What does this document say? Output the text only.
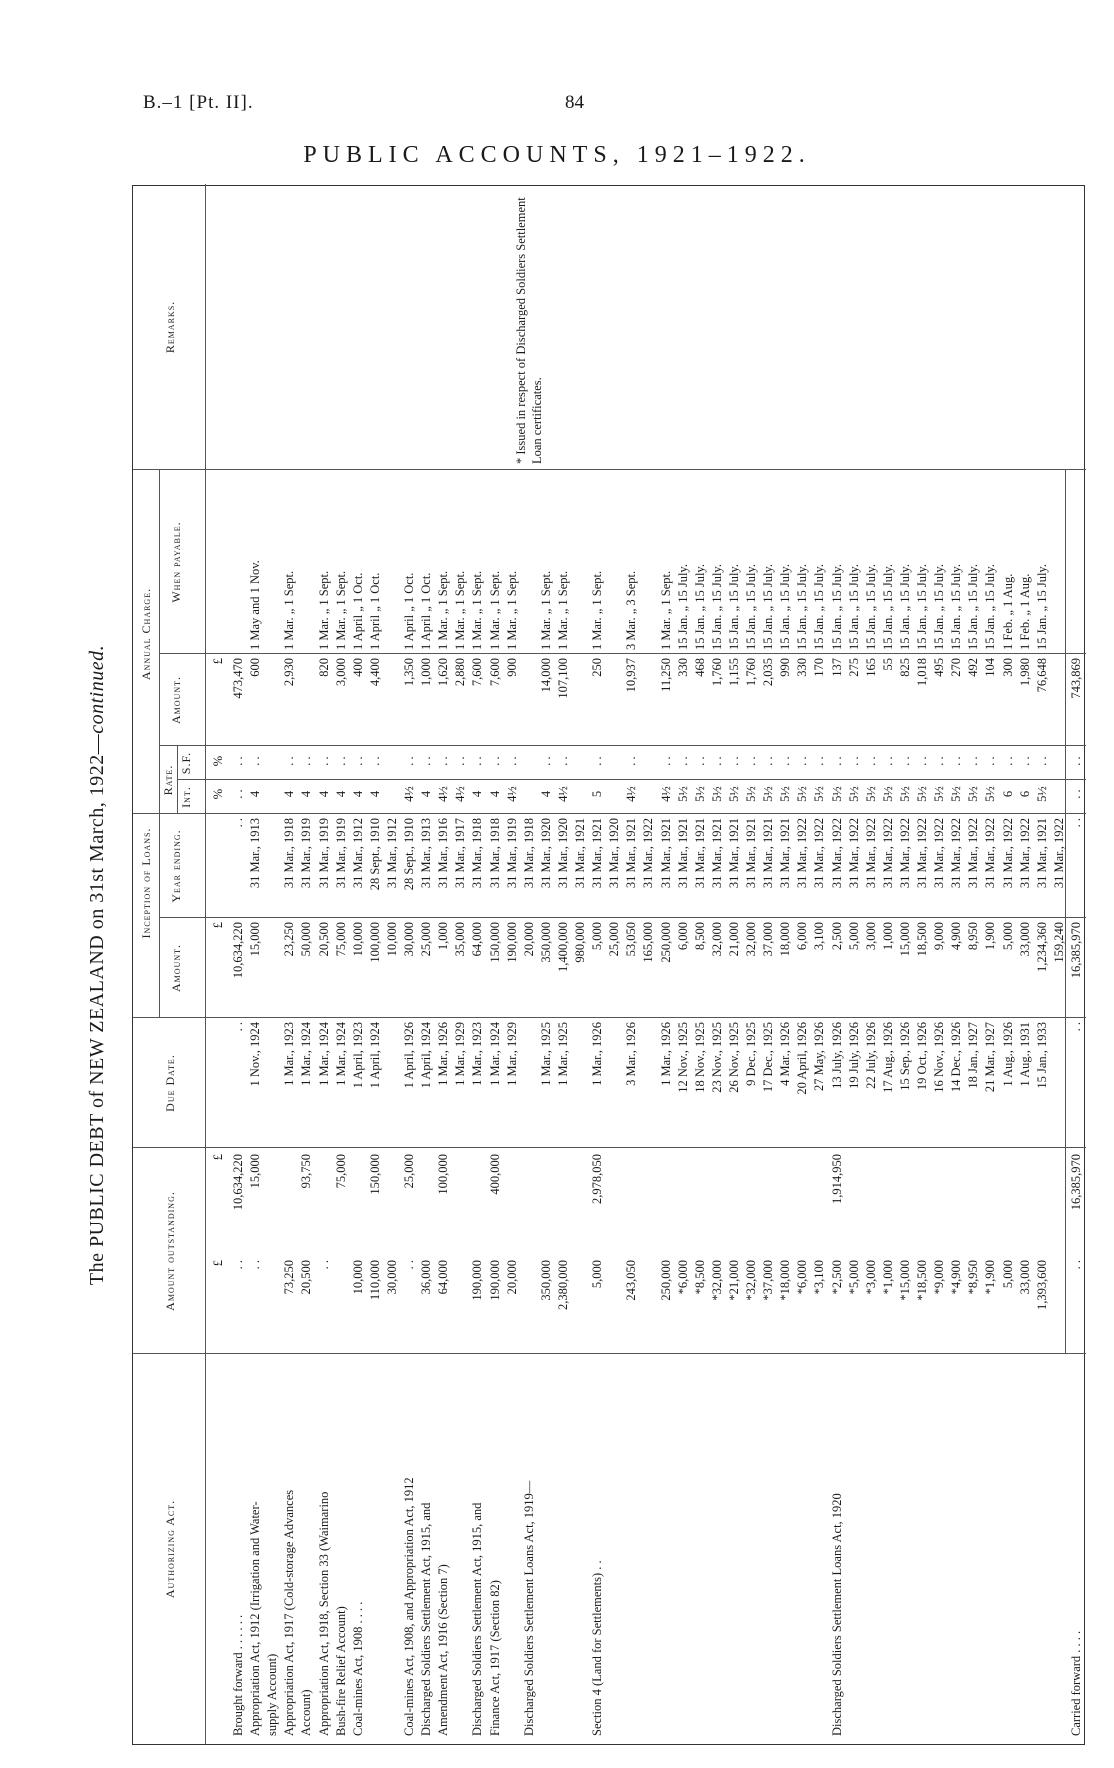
B.–1 [Pt. II].	84
PUBLIC ACCOUNTS, 1921–1922.
The PUBLIC DEBT of NEW ZEALAND on 31st March, 1922—continued.
Authorizing Act.
Amount outstanding.
Due Date.
Inception of Loans.
Amount.
Year ending.
Annual Charge.
Rate.
Int.
S.F.
Amount.
When payable.
Remarks.
£
£
£
%
%
£
Brought forward . . . . . .
. .
10,634,220
. .
10,634,220
. .
. .
. .
473,470
Appropriation Act, 1912 (Irrigation and Water-
. .
15,000
1 Nov., 1924
15,000
31 Mar., 1913
4
. .
600
1 May and 1 Nov.
supply Account) Appropriation Act, 1917 (Cold-storage Advances
73,250
1 Mar., 1923
23,250
31 Mar., 1918
4
. .
2,930
1 Mar. „ 1 Sept.
Account)
20,500
93,750
1 Mar., 1924
50,000
31 Mar., 1919
4
. .
Appropriation Act, 1918, Section 33 (Waimarino
. .
1 Mar., 1924
20,500
31 Mar., 1919
4
. .
820
1 Mar. „ 1 Sept.
Bush-fire Relief Account)
75,000
1 Mar., 1924
75,000
31 Mar., 1919
4
. .
3,000
1 Mar. „ 1 Sept.
Coal-mines Act, 1908 . . . .
10,000
1 April, 1923
10,000
31 Mar., 1912
4
. .
400
1 April „ 1 Oct.
110,000
150,000
1 April, 1924
100,000
28 Sept., 1910
4
. .
4,400
1 April „ 1 Oct.
30,000
10,000
31 Mar., 1912
Coal-mines Act, 1908, and Appropriation Act, 1912
. .
25,000
1 April, 1926
30,000
28 Sept., 1910
4½
. .
1,350
1 April „ 1 Oct.
Discharged Soldiers Settlement Act, 1915, and
36,000
1 April, 1924
25,000
31 Mar., 1913
4
. .
1,000
1 April „ 1 Oct.
Amendment Act, 1916 (Section 7)
64,000
100,000
1 Mar., 1926
1,000
31 Mar., 1916
4½
. .
1,620
1 Mar. „ 1 Sept.
1 Mar., 1929
35,000
31 Mar., 1917
4½
. .
2,880
1 Mar. „ 1 Sept.
Discharged Soldiers Settlement Act, 1915, and
190,000
1 Mar., 1923
64,000
31 Mar., 1918
4
. .
7,600
1 Mar. „ 1 Sept.
Finance Act, 1917 (Section 82)
190,000
400,000
1 Mar., 1924
150,000
31 Mar., 1918
4
. .
7,600
1 Mar. „ 1 Sept.
20,000
1 Mar., 1929
190,000
31 Mar., 1919
4½
. .
900
1 Mar. „ 1 Sept.
Discharged Soldiers Settlement Loans Act, 1919—
20,000
31 Mar., 1918
350,000
1 Mar., 1925
350,000
31 Mar., 1920
4
. .
14,000
1 Mar. „ 1 Sept.
2,380,000
1 Mar., 1925
1,400,000
31 Mar., 1920
4½
. .
107,100
1 Mar. „ 1 Sept.
980,000
31 Mar., 1921
Section 4 (Land for Settlements) . .
5,000
2,978,050
1 Mar., 1926
5,000
31 Mar., 1921
5
. .
250
1 Mar. „ 1 Sept.
25,000
31 Mar., 1920
243,050
3 Mar., 1926
53,050
31 Mar., 1921
4½
. .
10,937
3 Mar. „ 3 Sept.
165,000
31 Mar., 1922
250,000
1 Mar., 1926
250,000
31 Mar., 1921
4½
. .
11,250
1 Mar. „ 1 Sept.
*6,000
12 Nov., 1925
6,000
31 Mar., 1921
5½
. .
330
15 Jan. „ 15 July.
*8,500
18 Nov., 1925
8,500
31 Mar., 1921
5½
. .
468
15 Jan. „ 15 July.
*32,000
23 Nov., 1925
32,000
31 Mar., 1921
5½
. .
1,760
15 Jan. „ 15 July.
*21,000
26 Nov., 1925
21,000
31 Mar., 1921
5½
. .
1,155
15 Jan. „ 15 July.
*32,000
9 Dec., 1925
32,000
31 Mar., 1921
5½
. .
1,760
15 Jan. „ 15 July.
*37,000
17 Dec., 1925
37,000
31 Mar., 1921
5½
. .
2,035
15 Jan. „ 15 July.
*18,000
4 Mar., 1926
18,000
31 Mar., 1921
5½
. .
990
15 Jan. „ 15 July.
*6,000
20 April, 1926
6,000
31 Mar., 1922
5½
. .
330
15 Jan. „ 15 July.
*3,100
27 May, 1926
3,100
31 Mar., 1922
5½
. .
170
15 Jan. „ 15 July.
Discharged Soldiers Settlement Loans Act, 1920
*2,500
1,914,950
13 July, 1926
2,500
31 Mar., 1922
5½
. .
137
15 Jan. „ 15 July.
*5,000
19 July, 1926
5,000
31 Mar., 1922
5½
. .
275
15 Jan. „ 15 July.
*3,000
22 July, 1926
3,000
31 Mar., 1922
5½
. .
165
15 Jan. „ 15 July.
*1,000
17 Aug., 1926
1,000
31 Mar., 1922
5½
. .
55
15 Jan. „ 15 July.
*15,000
15 Sep., 1926
15,000
31 Mar., 1922
5½
. .
825
15 Jan. „ 15 July.
*18,500
19 Oct., 1926
18,500
31 Mar., 1922
5½
. .
1,018
15 Jan. „ 15 July.
*9,000
16 Nov., 1926
9,000
31 Mar., 1922
5½
. .
495
15 Jan. „ 15 July.
*4,900
14 Dec., 1926
4,900
31 Mar., 1922
5½
. .
270
15 Jan. „ 15 July.
*8,950
18 Jan., 1927
8,950
31 Mar., 1922
5½
. .
492
15 Jan. „ 15 July.
*1,900
21 Mar., 1927
1,900
31 Mar., 1922
5½
. .
104
15 Jan. „ 15 July.
5,000
1 Aug., 1926
5,000
31 Mar., 1922
6
. .
300
1 Feb. „ 1 Aug.
33,000
1 Aug., 1931
33,000
31 Mar., 1922
6
. .
1,980
1 Feb. „ 1 Aug.
1,393,600
15 Jan., 1933
1,234,360
31 Mar., 1921
5½
. .
76,648
15 Jan. „ 15 July.
159,240
31 Mar., 1922
Carried forward . . . .
. .
16,385,970
. .
16,385,970
. .
. .
. .
743,869
* Issued in respect of Discharged Soldiers Settlement Loan certificates.
